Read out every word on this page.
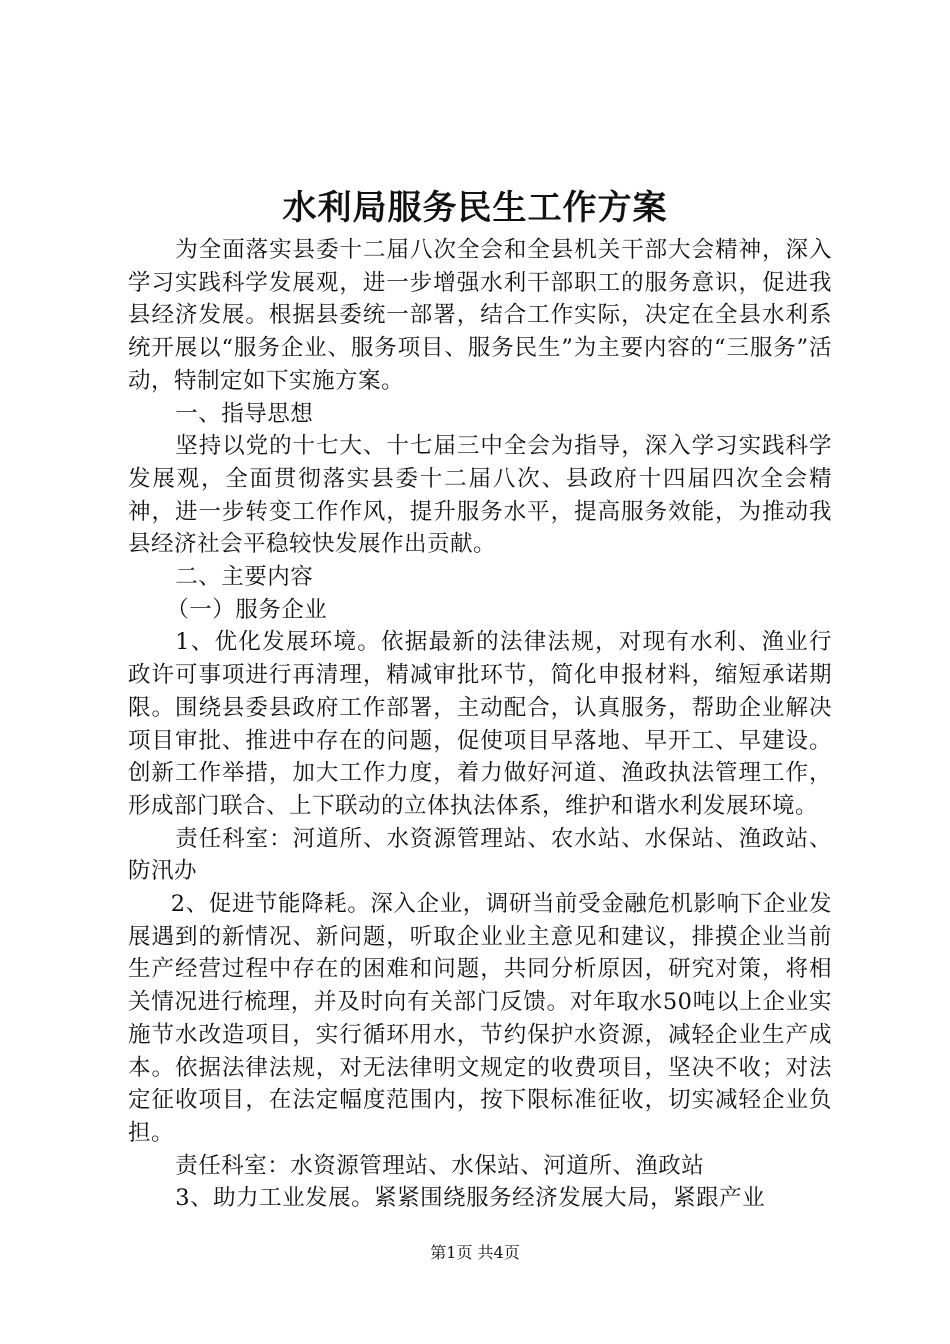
水利局服务民生工作方案

为全面落实县委十二届八次全会和全县机关干部大会精神，深入学习实践科学发展观，进一步增强水利干部职工的服务意识，促进我县经济发展。根据县委统一部署，结合工作实际，决定在全县水利系统开展以“服务企业、服务项目、服务民生”为主要内容的“三服务”活动，特制定如下实施方案。

一、指导思想

坚持以党的十七大、十七届三中全会为指导，深入学习实践科学发展观，全面贯彻落实县委十二届八次、县政府十四届四次全会精神，进一步转变工作作风，提升服务水平，提高服务效能，为推动我县经济社会平稳较快发展作出贡献。

二、主要内容

（一）服务企业

1、优化发展环境。依据最新的法律法规，对现有水利、渔业行政许可事项进行再清理，精减审批环节，简化申报材料，缩短承诺期限。围绕县委县政府工作部署，主动配合，认真服务，帮助企业解决项目审批、推进中存在的问题，促使项目早落地、早开工、早建设。创新工作举措，加大工作力度，着力做好河道、渔政执法管理工作，形成部门联合、上下联动的立体执法体系，维护和谐水利发展环境。

责任科室：河道所、水资源管理站、农水站、水保站、渔政站、防汛办

2、促进节能降耗。深入企业，调研当前受金融危机影响下企业发展遇到的新情况、新问题，听取企业业主意见和建议，排摸企业当前生产经营过程中存在的困难和问题，共同分析原因，研究对策，将相关情况进行梳理，并及时向有关部门反馈。对年取水50吨以上企业实施节水改造项目，实行循环用水，节约保护水资源，减轻企业生产成本。依据法律法规，对无法律明文规定的收费项目，坚决不收；对法定征收项目，在法定幅度范围内，按下限标准征收，切实减轻企业负担。

责任科室：水资源管理站、水保站、河道所、渔政站

3、助力工业发展。紧紧围绕服务经济发展大局，紧跟产业

第1页 共4页
